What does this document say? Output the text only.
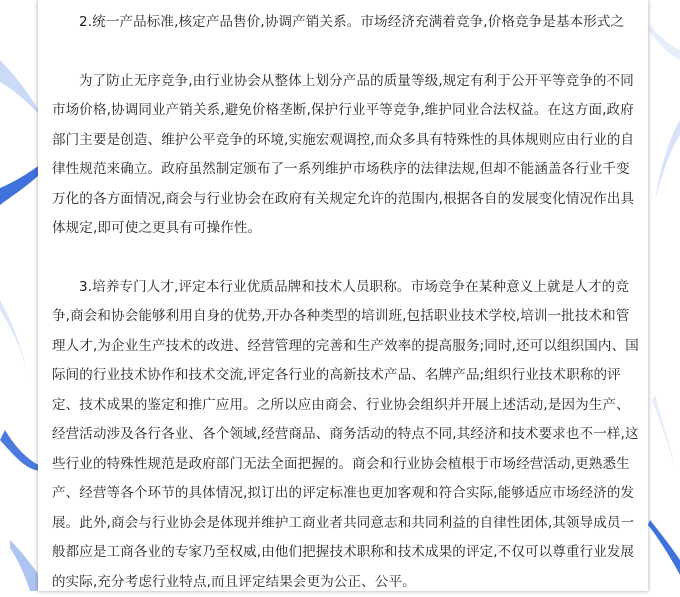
2.统一产品标准,核定产品售价,协调产销关系。市场经济充满着竞争,价格竞争是基本形式之

为了防止无序竞争,由行业协会从整体上划分产品的质量等级,规定有利于公开平等竞争的不同市场价格,协调同业产销关系,避免价格垄断,保护行业平等竞争,维护同业合法权益。在这方面,政府部门主要是创造、维护公平竞争的环境,实施宏观调控,而众多具有特殊性的具体规则应由行业的自律性规范来确立。政府虽然制定颁布了一系列维护市场秩序的法律法规,但却不能涵盖各行业千变万化的各方面情况,商会与行业协会在政府有关规定允许的范围内,根据各自的发展变化情况作出具体规定,即可使之更具有可操作性。

3.培养专门人才,评定本行业优质品牌和技术人员职称。市场竞争在某种意义上就是人才的竞争,商会和协会能够利用自身的优势,开办各种类型的培训班,包括职业技术学校,培训一批技术和管理人才,为企业生产技术的改进、经营管理的完善和生产效率的提高服务;同时,还可以组织国内、国际间的行业技术协作和技术交流,评定各行业的高新技术产品、名牌产品;组织行业技术职称的评定、技术成果的鉴定和推广应用。之所以应由商会、行业协会组织并开展上述活动,是因为生产、经营活动涉及各行各业、各个领域,经营商品、商务活动的特点不同,其经济和技术要求也不一样,这些行业的特殊性规范是政府部门无法全面把握的。商会和行业协会植根于市场经营活动,更熟悉生产、经营等各个环节的具体情况,拟订出的评定标准也更加客观和符合实际,能够适应市场经济的发展。此外,商会与行业协会是体现并维护工商业者共同意志和共同利益的自律性团体,其领导成员一般都应是工商各业的专家乃至权威,由他们把握技术职称和技术成果的评定,不仅可以尊重行业发展的实际,充分考虑行业特点,而且评定结果会更为公正、公平。
